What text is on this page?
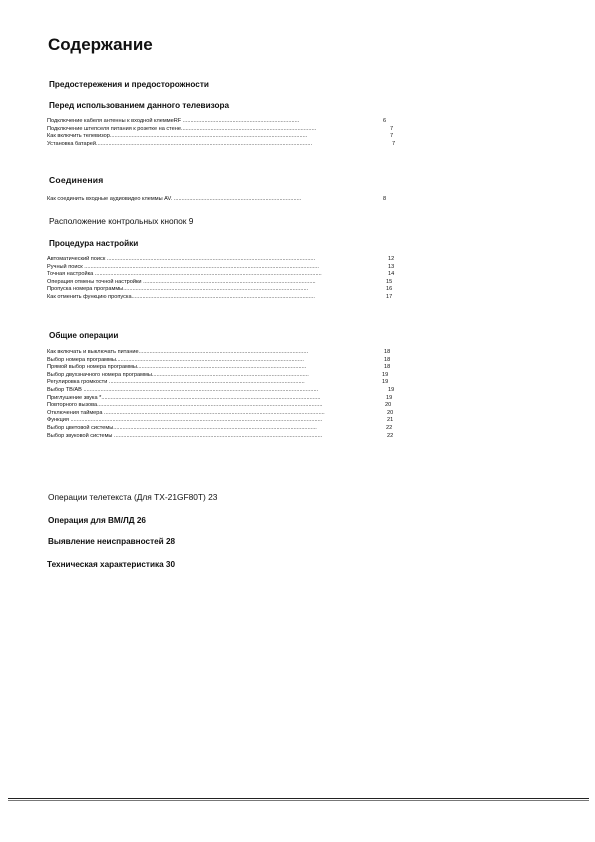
Содержание
Предостережения и предосторожности
Перед использованием данного телевизора
Подключение кабеля антенны к входной клеммеRF ...........................................................................	6
Подключение штепселя питания к розетке на стене.......................................................................................	7
Как включить телевизор...............................................................................................................................	7
Установка батарей...........................................................................................................................................	7
Соединения
Как соединить входные аудиовидео клеммы AV. ..................................................................................	8
Расположение контрольных кнопок 9
Процедура настройки
Автоматический поиск ......................................................................................................................................	12
Ручный поиск .......................................................................................................................................................	13
Точная настройка ..................................................................................................................................................	14
Операция отмены точной настройки ...............................................................................................................	15
Пропуска номера программы.......................................................................................................................	16
Как отменить функцию пропуска......................................................................................................................	17
Общие операции
Как включать и выключать питание.............................................................................................................	18
Выбор номера программы.........................................................................................................................	18
Прямой выбор номера программы.............................................................................................................	18
Выбор двухзначного номера программы.....................................................................................................	19
Регулировка громкости ..............................................................................................................................	19
Выбор ТВ/АВ .......................................................................................................................................................	19
Приглушение звука *.............................................................................................................................................	19
Повторного вызова.................................................................................................................................................	20
Отключения таймера ..............................................................................................................................................	20
Функция ..................................................................................................................................................................	21
Выбор цветовой системы...................................................................................................................................	22
Выбор звуковой системы ......................................................................................................................................	22
Операции телетекста (Для TX-21GF80T) 23
Операция для ВМ/ЛД 26
Выявление неисправностей 28
Техническая характеристика 30
